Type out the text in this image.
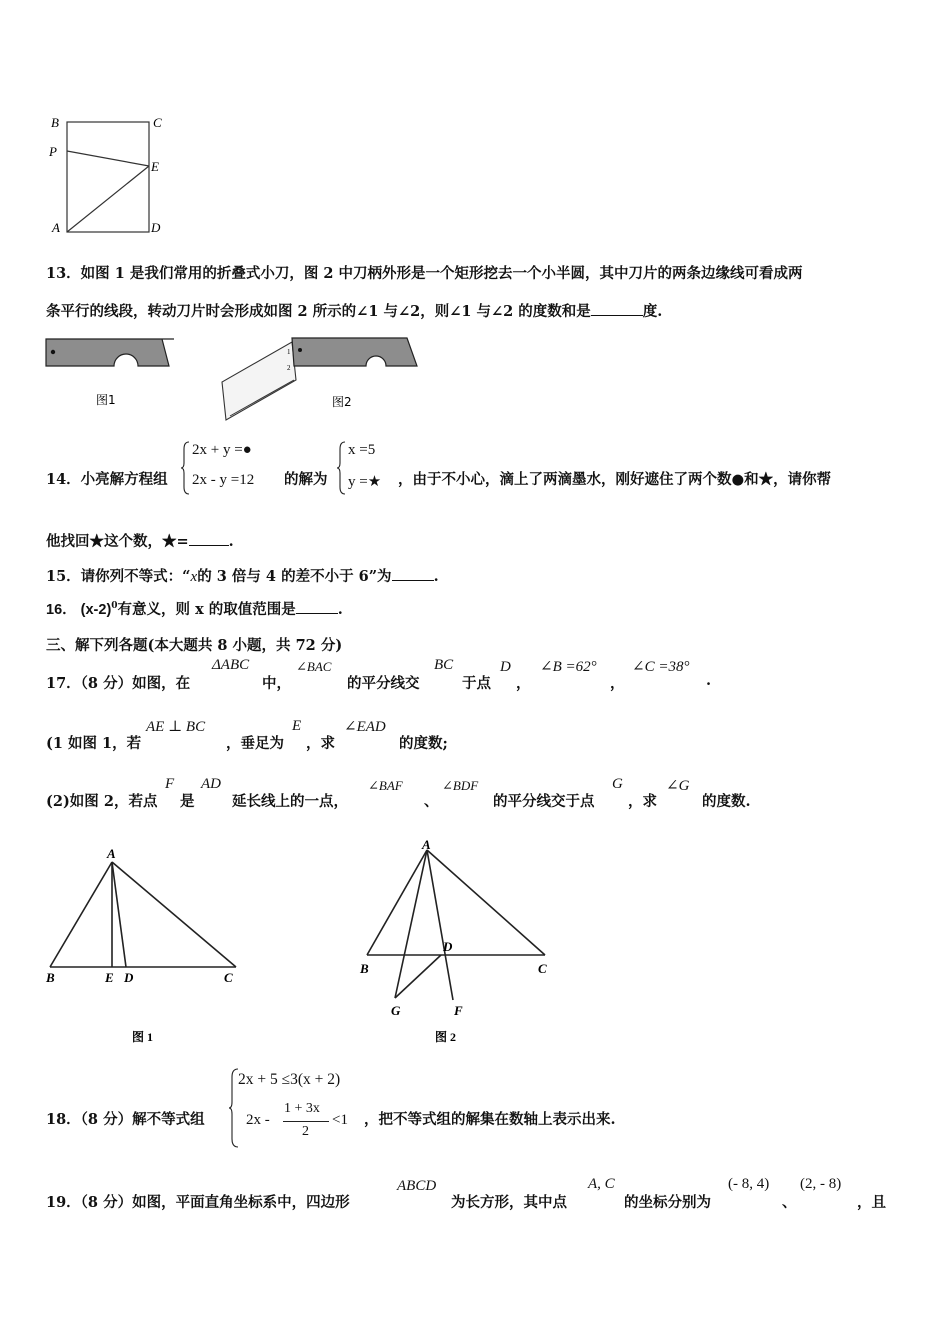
B	C
P
E
A	D
13．如图 1 是我们常用的折叠式小刀，图 2 中刀柄外形是一个矩形挖去一个小半圆，其中刀片的两条边缘线可看成两
条平行的线段，转动刀片时会形成如图 2 所示的∠1 与∠2，则∠1 与∠2 的度数和是	度.
图1
1
2
图2
14．小亮解方程组
2x + y =●
2x - y =12 的解为
x =5
y =★ ，由于不小心，滴上了两滴墨水，刚好遮住了两个数●和★，请你帮
他找回★这个数，★=	.
15．请你列不等式：“x的 3 倍与 4 的差不小于 6”为	.
16． $(x-2)^0$有意义，则 x 的取值范围是	.
三、解下列各题(本大题共 8 小题，共 72 分)
17．（8 分）如图，在
ΔABC
中，
∠BAC
的平分线交
BC
于点
D
，
∠B =62°
，
∠C =38°
.
(1 如图 1，若
AE ⊥ BC
，垂足为
E
，求
∠EAD
的度数;
(2)如图 2，若点
F
是
AD
延长线上的一点，
∠BAF
、
∠BDF
的平分线交于点
G
，求
∠G
的度数.
A
B	E D	C
图 1
A
B
D
C
G	F
图 2
18．（8 分）解不等式组
2x + 5 ≤3(x + 2)
2x -
1 + 3x
2
<1 ，把不等式组的解集在数轴上表示出来.
19．（8 分）如图，平面直角坐标系中，四边形
ABCD
为长方形，其中点
A, C
的坐标分别为
(- 8, 4)
、
(2, - 8)
，且
